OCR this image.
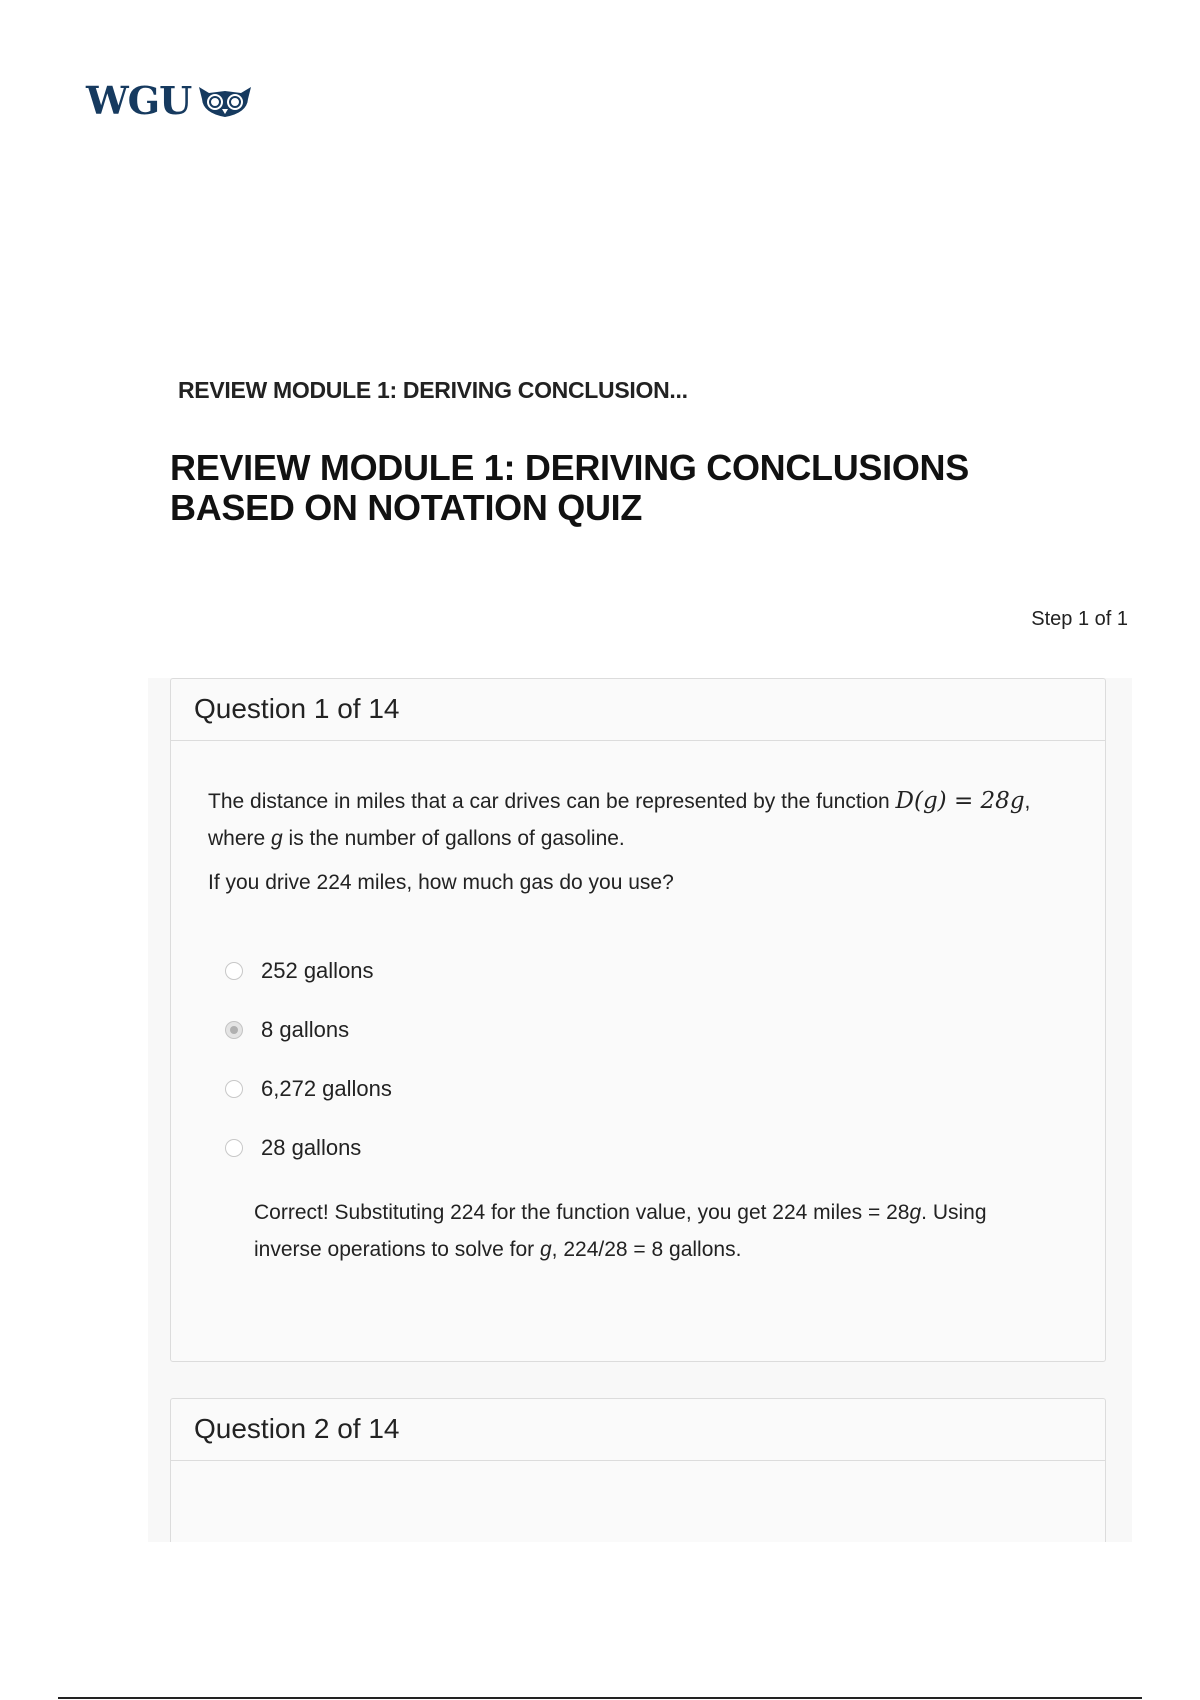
WGU
REVIEW MODULE 1: DERIVING CONCLUSION...
REVIEW MODULE 1: DERIVING CONCLUSIONS BASED ON NOTATION QUIZ
Step 1 of 1
Question 1 of 14
The distance in miles that a car drives can be represented by the function D(g) = 28g,
where g is the number of gallons of gasoline.
If you drive 224 miles, how much gas do you use?
252 gallons
8 gallons
6,272 gallons
28 gallons
Correct! Substituting 224 for the function value, you get 224 miles = 28g. Using inverse operations to solve for g, 224/28 = 8 gallons.
Question 2 of 14
